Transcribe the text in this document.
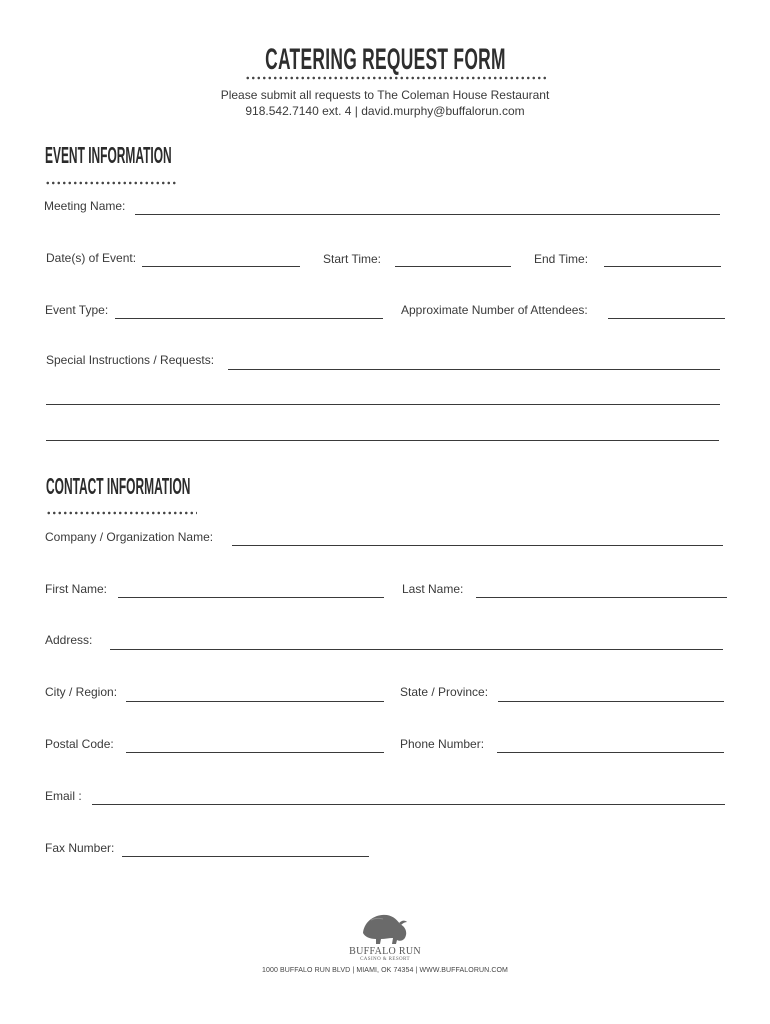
CATERING REQUEST FORM
Please submit all requests to The Coleman House Restaurant
918.542.7140 ext. 4 | david.murphy@buffalorun.com
EVENT INFORMATION
Meeting Name:
Date(s) of Event:	Start Time:	End Time:
Event Type:	Approximate Number of Attendees:
Special Instructions / Requests:
CONTACT INFORMATION
Company / Organization Name:
First Name:	Last Name:
Address:
City / Region:	State / Province:
Postal Code:	Phone Number:
Email :
Fax Number:
BUFFALO RUN
CASINO & RESORT
1000 BUFFALO RUN BLVD | MIAMI, OK 74354 | WWW.BUFFALORUN.COM
